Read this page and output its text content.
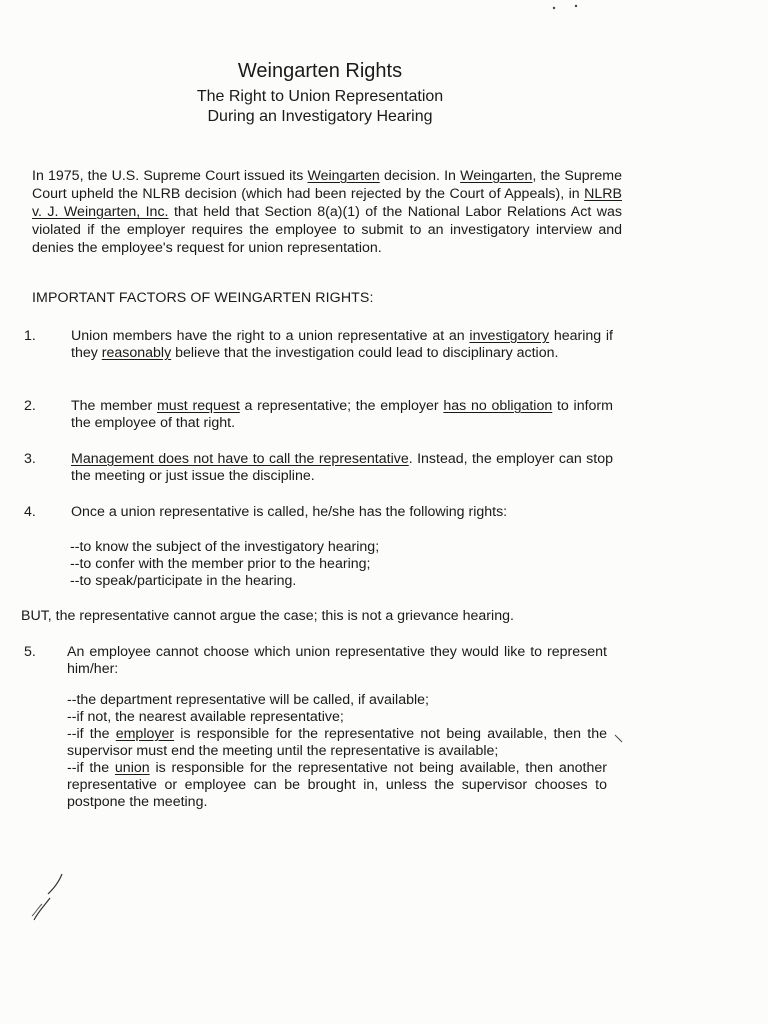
Weingarten Rights
The Right to Union Representation
During an Investigatory Hearing

In 1975, the U.S. Supreme Court issued its Weingarten decision. In Weingarten, the Supreme Court upheld the NLRB decision (which had been rejected by the Court of Appeals), in NLRB v. J. Weingarten, Inc. that held that Section 8(a)(1) of the National Labor Relations Act was violated if the employer requires the employee to submit to an investigatory interview and denies the employee's request for union representation.

IMPORTANT FACTORS OF WEINGARTEN RIGHTS:
1. Union members have the right to a union representative at an investigatory hearing if they reasonably believe that the investigation could lead to disciplinary action.
2. The member must request a representative; the employer has no obligation to inform the employee of that right.
3. Management does not have to call the representative. Instead, the employer can stop the meeting or just issue the discipline.
4. Once a union representative is called, he/she has the following rights:
--to know the subject of the investigatory hearing;
--to confer with the member prior to the hearing;
--to speak/participate in the hearing.
BUT, the representative cannot argue the case; this is not a grievance hearing.
5. An employee cannot choose which union representative they would like to represent him/her:
--the department representative will be called, if available;
--if not, the nearest available representative;
--if the employer is responsible for the representative not being available, then the supervisor must end the meeting until the representative is available;
--if the union is responsible for the representative not being available, then another representative or employee can be brought in, unless the supervisor chooses to postpone the meeting.
